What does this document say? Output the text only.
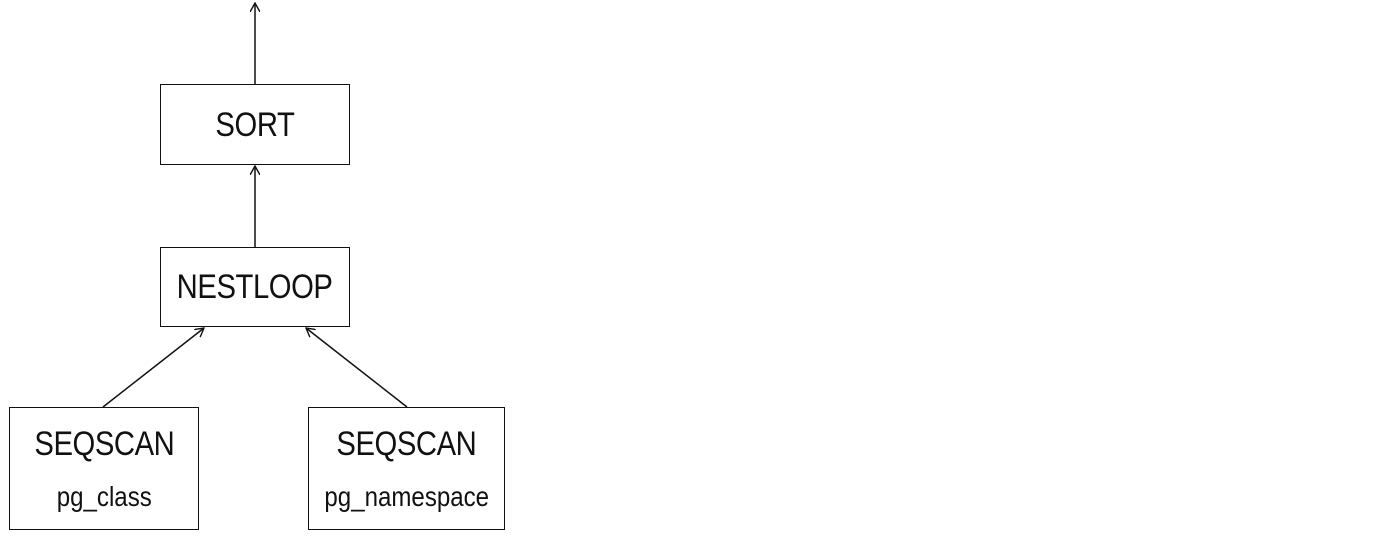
SORT
NESTLOOP
SEQSCAN
pg_class
SEQSCAN
pg_namespace
